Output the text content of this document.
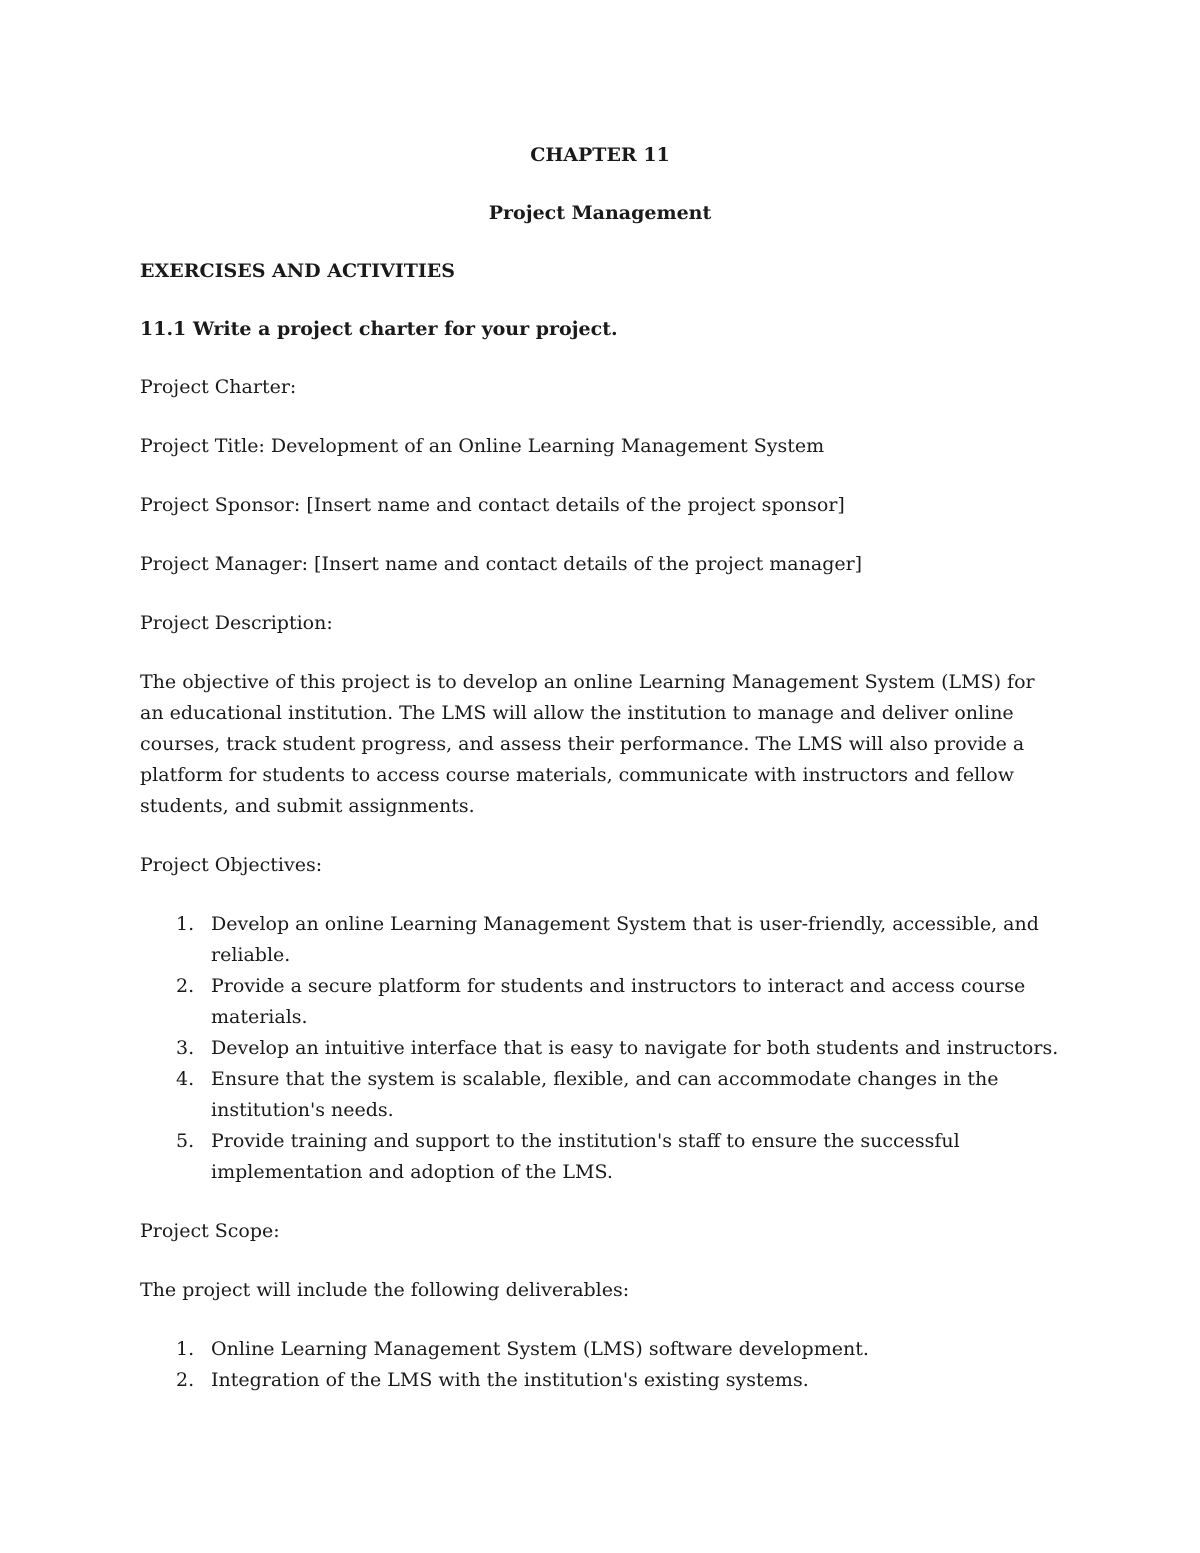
CHAPTER 11

Project Management

EXERCISES AND ACTIVITIES

11.1 Write a project charter for your project.

Project Charter:

Project Title: Development of an Online Learning Management System

Project Sponsor: [Insert name and contact details of the project sponsor]

Project Manager: [Insert name and contact details of the project manager]

Project Description:

The objective of this project is to develop an online Learning Management System (LMS) for an educational institution. The LMS will allow the institution to manage and deliver online courses, track student progress, and assess their performance. The LMS will also provide a platform for students to access course materials, communicate with instructors and fellow students, and submit assignments.

Project Objectives:

1. Develop an online Learning Management System that is user-friendly, accessible, and reliable.
2. Provide a secure platform for students and instructors to interact and access course materials.
3. Develop an intuitive interface that is easy to navigate for both students and instructors.
4. Ensure that the system is scalable, flexible, and can accommodate changes in the institution's needs.
5. Provide training and support to the institution's staff to ensure the successful implementation and adoption of the LMS.

Project Scope:

The project will include the following deliverables:

1. Online Learning Management System (LMS) software development.
2. Integration of the LMS with the institution's existing systems.
